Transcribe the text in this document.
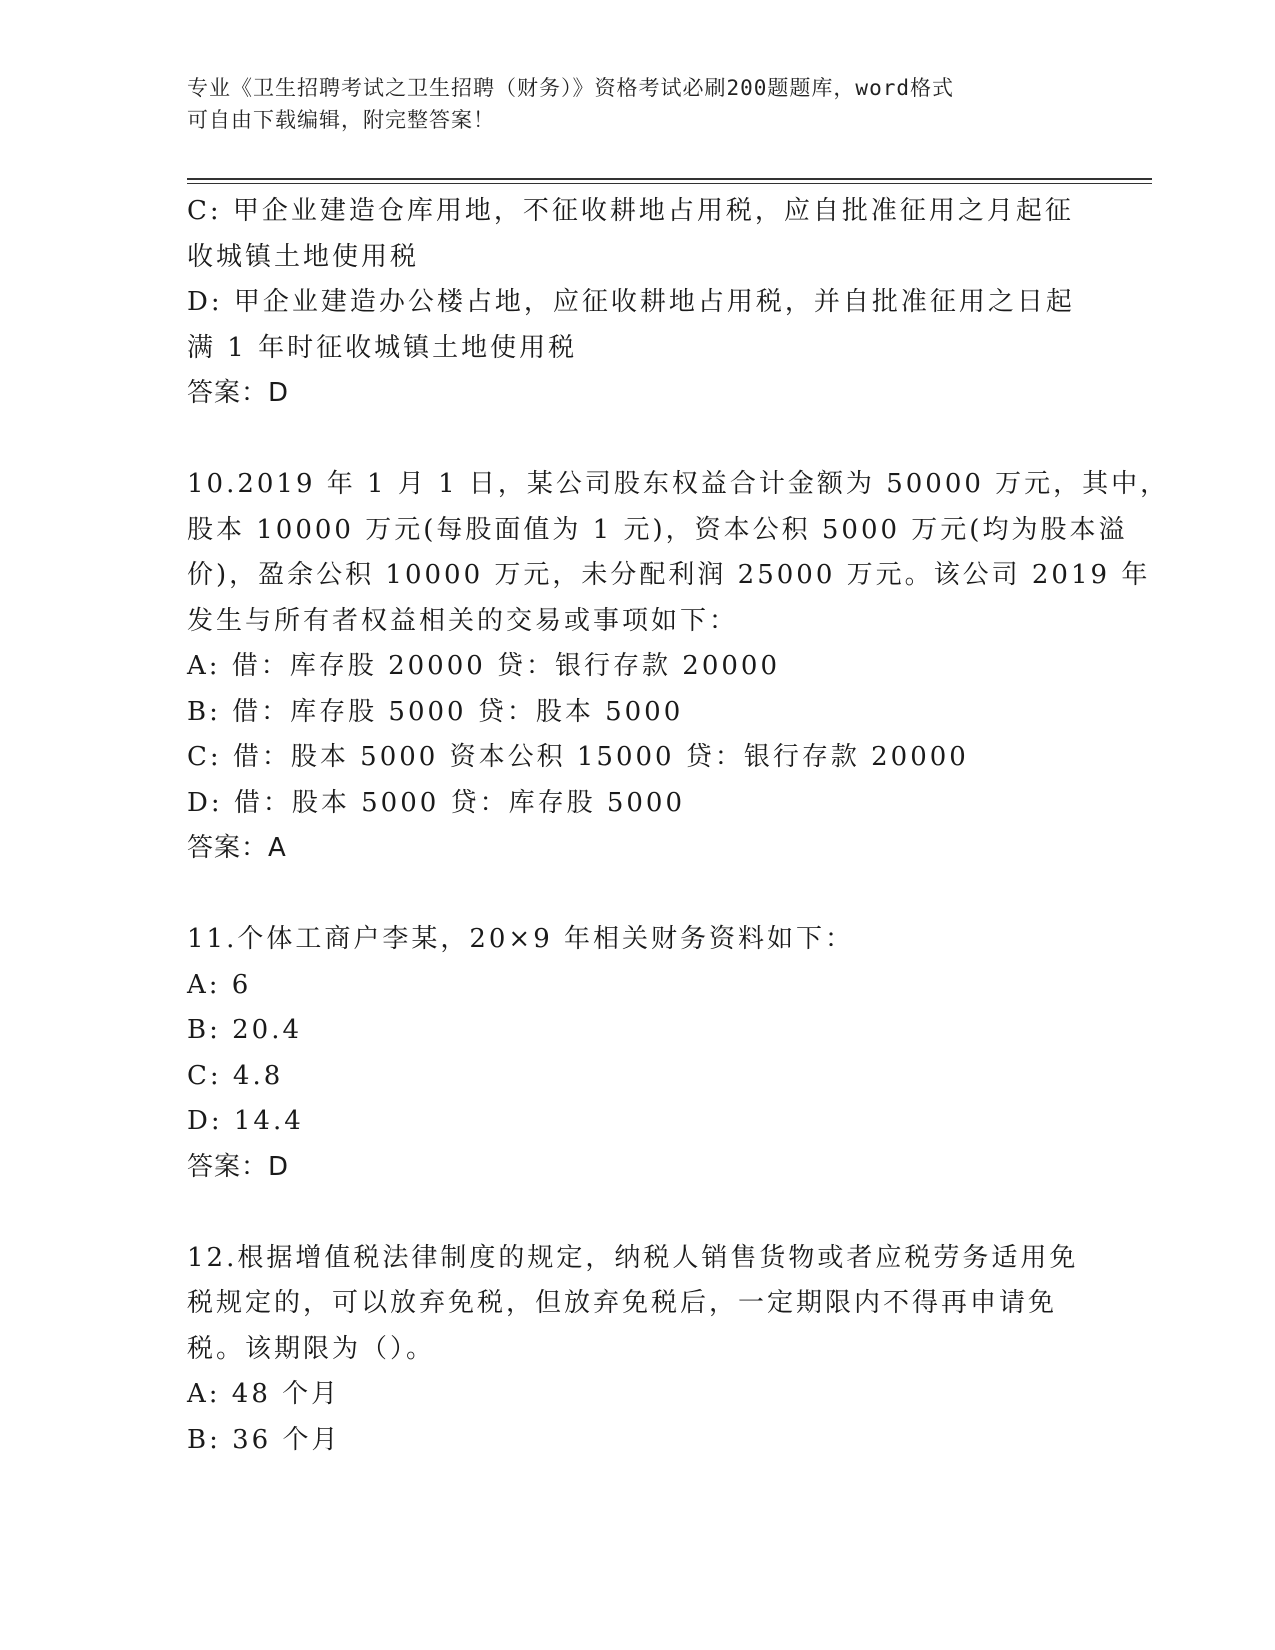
专业《卫生招聘考试之卫生招聘（财务）》资格考试必刷200题题库，word格式
可自由下载编辑，附完整答案！
C: 甲企业建造仓库用地，不征收耕地占用税，应自批准征用之月起征
收城镇土地使用税
D: 甲企业建造办公楼占地，应征收耕地占用税，并自批准征用之日起
满 1 年时征收城镇土地使用税
答案：D
10.2019 年 1 月 1 日，某公司股东权益合计金额为 50000 万元，其中，
股本 10000 万元(每股面值为 1 元)，资本公积 5000 万元(均为股本溢
价)，盈余公积 10000 万元，未分配利润 25000 万元。该公司 2019 年
发生与所有者权益相关的交易或事项如下：
A: 借：库存股 20000 贷：银行存款 20000
B: 借：库存股 5000 贷：股本 5000
C: 借：股本 5000 资本公积 15000 贷：银行存款 20000
D: 借：股本 5000 贷：库存股 5000
答案：A
11.个体工商户李某，20×9 年相关财务资料如下：
A: 6
B: 20.4
C: 4.8
D: 14.4
答案：D
12.根据增值税法律制度的规定，纳税人销售货物或者应税劳务适用免
税规定的，可以放弃免税，但放弃免税后，一定期限内不得再申请免
税。该期限为（）。
A: 48 个月
B: 36 个月
